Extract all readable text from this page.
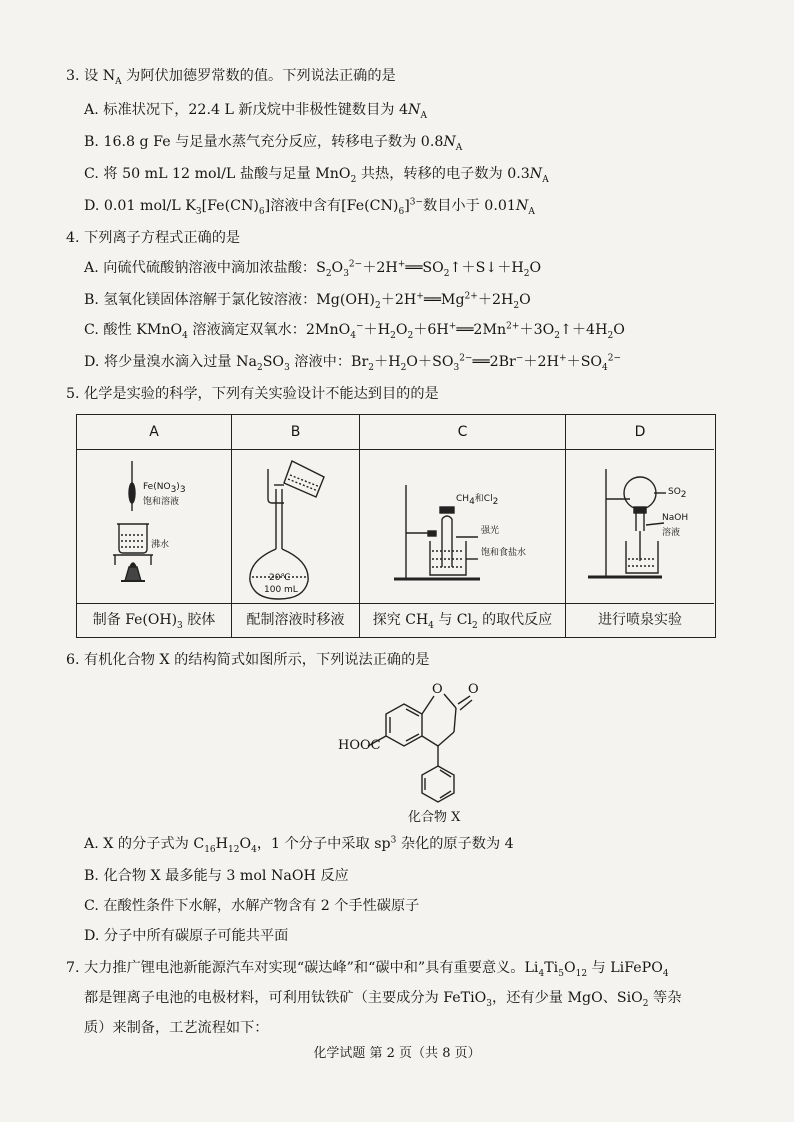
3. 设 $N_A$ 为阿伏加德罗常数的值。下列说法正确的是
A. 标准状况下，22.4 L 新戊烷中非极性键数目为 $4N_A$
B. 16.8 g Fe 与足量水蒸气充分反应，转移电子数为 $0.8N_A$
C. 将 50 mL 12 mol/L 盐酸与足量 MnO$_2$ 共热，转移的电子数为 $0.3N_A$
D. 0.01 mol/L $K_3[Fe(CN)_6]$溶液中含有$[Fe(CN)_6]^{3-}$数目小于 $0.01N_A$
4. 下列离子方程式正确的是
A. 向硫代硫酸钠溶液中滴加浓盐酸：$S_2O_3^{2-}+2H^+══SO_2↑+S↓+H_2O$
B. 氢氧化镁固体溶解于氯化铵溶液：$Mg(OH)_2+2H^+══Mg^{2+}+2H_2O$
C. 酸性 KMnO$_4$ 溶液滴定双氧水：$2MnO_4^-+H_2O_2+6H^+══2Mn^{2+}+3O_2↑+4H_2O$
D. 将少量溴水滴入过量 $Na_2SO_3$ 溶液中：$Br_2+H_2O+SO_3^{2-}══2Br^-+2H^++SO_4^{2-}$
5. 化学是实验的科学，下列有关实验设计不能达到目的的是
A	B	C	D
$Fe(NO_3)_3$
饱和溶液
沸水
20℃
100 mL
$CH_4$和$Cl_2$
强光
饱和食盐水
$SO_2$
NaOH
溶液
制备 $Fe(OH)_3$ 胶体	配制溶液时移液	探究 $CH_4$ 与 $Cl_2$ 的取代反应	进行喷泉实验
6. 有机化合物 X 的结构简式如图所示，下列说法正确的是
O O
HOOC
化合物 X
A. X 的分子式为 $C_{16}H_{12}O_4$，1 个分子中采取 $sp^3$ 杂化的原子数为 4
B. 化合物 X 最多能与 3 mol NaOH 反应
C. 在酸性条件下水解，水解产物含有 2 个手性碳原子
D. 分子中所有碳原子可能共平面
7. 大力推广锂电池新能源汽车对实现“碳达峰”和“碳中和”具有重要意义。$Li_4Ti_5O_{12}$ 与 LiFePO$_4$
都是锂离子电池的电极材料，可利用钛铁矿（主要成分为 FeTiO$_3$，还有少量 MgO、SiO$_2$ 等杂
质）来制备，工艺流程如下：
化学试题 第 2 页（共 8 页）
